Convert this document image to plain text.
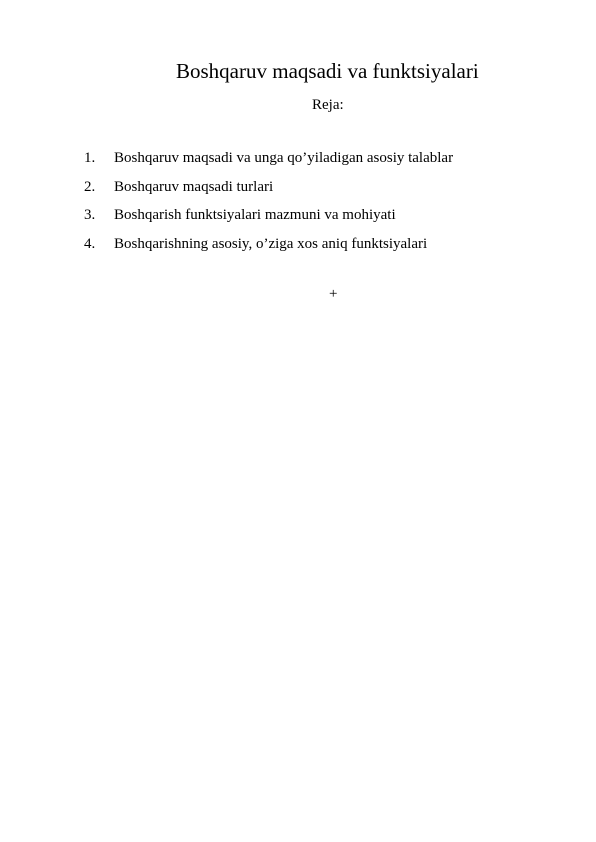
Boshqaruv maqsadi va funktsiyalari
Reja:
1.	Boshqaruv maqsadi va unga qo’yiladigan asosiy talablar
2.	Boshqaruv maqsadi turlari
3.	Boshqarish funktsiyalari mazmuni va mohiyati
4.	Boshqarishning asosiy, o’ziga xos aniq funktsiyalari
+
